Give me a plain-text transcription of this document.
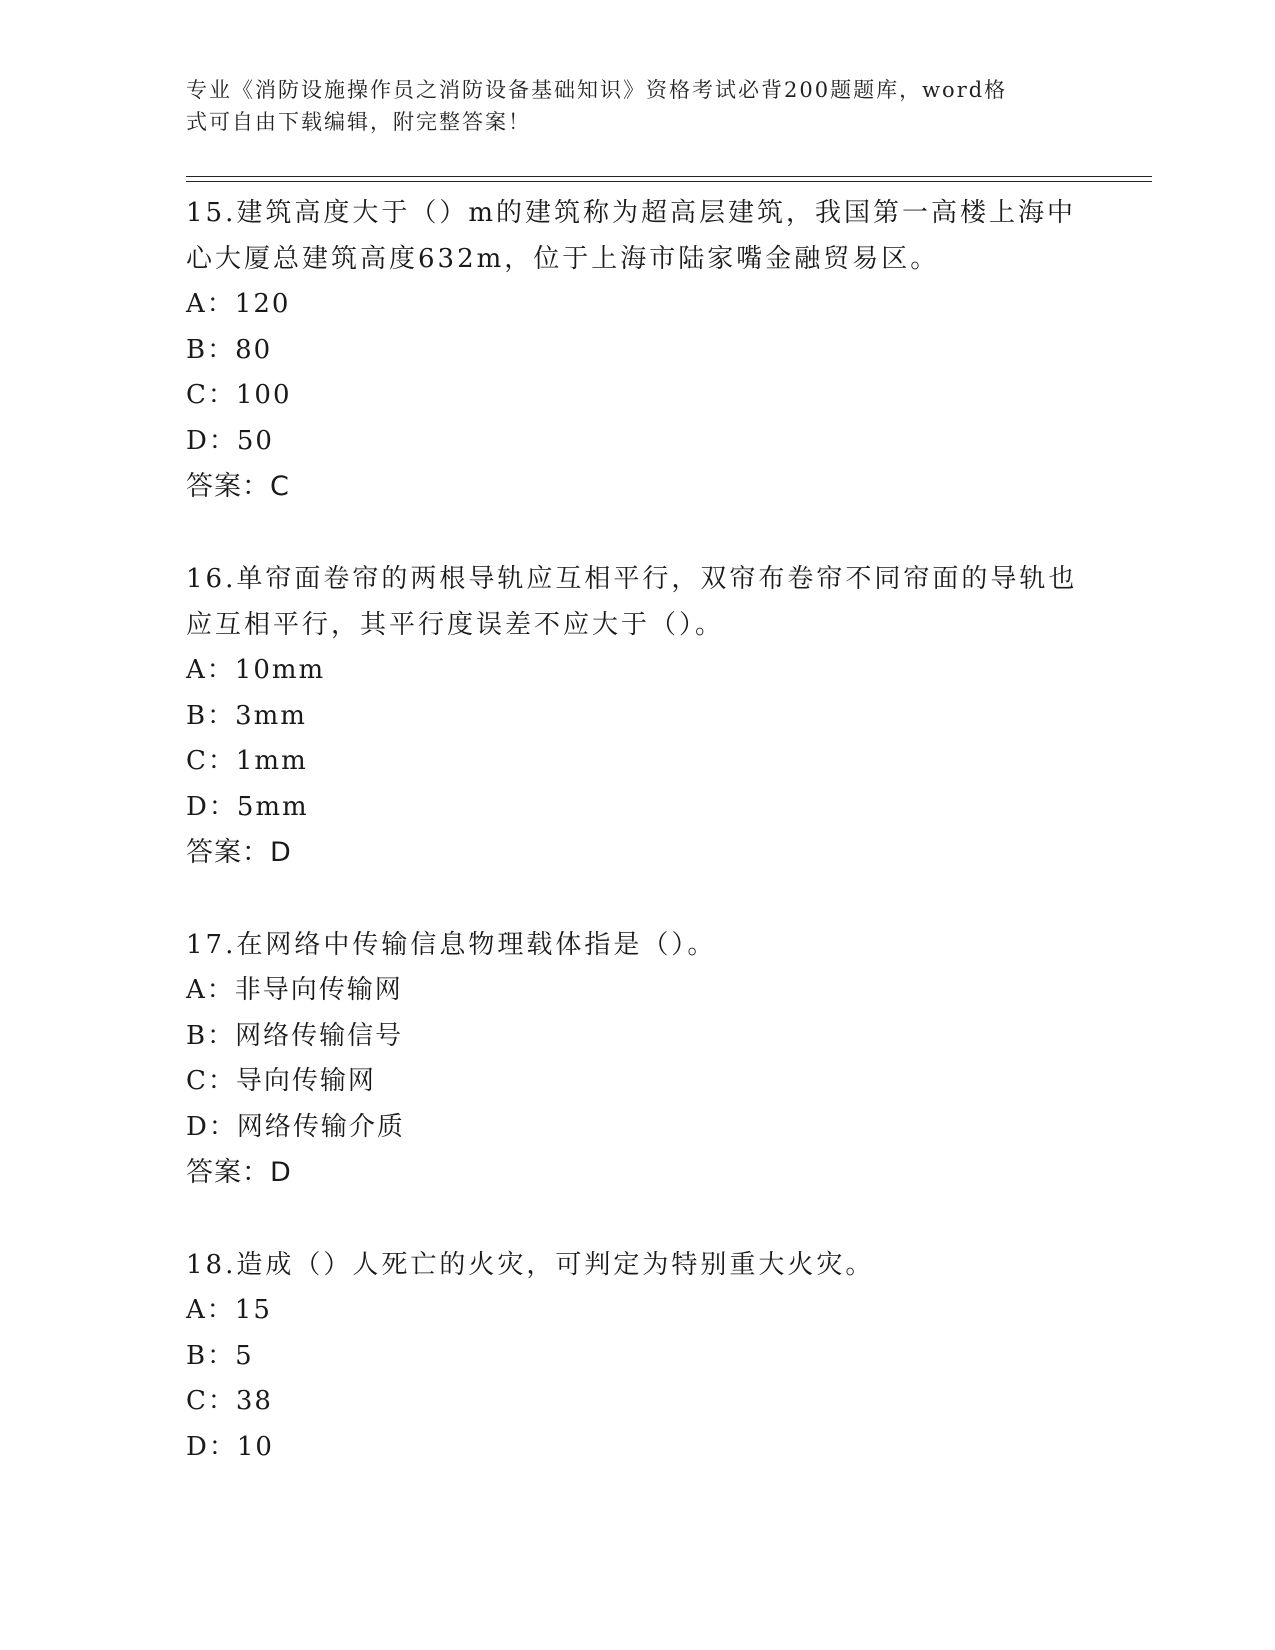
专业《消防设施操作员之消防设备基础知识》资格考试必背200题题库，word格
式可自由下载编辑，附完整答案！

15.建筑高度大于（）m的建筑称为超高层建筑，我国第一高楼上海中

心大厦总建筑高度632m，位于上海市陆家嘴金融贸易区。

A：120

B：80

C：100

D：50

答案：C

16.单帘面卷帘的两根导轨应互相平行，双帘布卷帘不同帘面的导轨也

应互相平行，其平行度误差不应大于（）。

A：10mm

B：3mm

C：1mm

D：5mm

答案：D

17.在网络中传输信息物理载体指是（）。

A：非导向传输网

B：网络传输信号

C：导向传输网

D：网络传输介质

答案：D

18.造成（）人死亡的火灾，可判定为特别重大火灾。

A：15

B：5

C：38

D：10
